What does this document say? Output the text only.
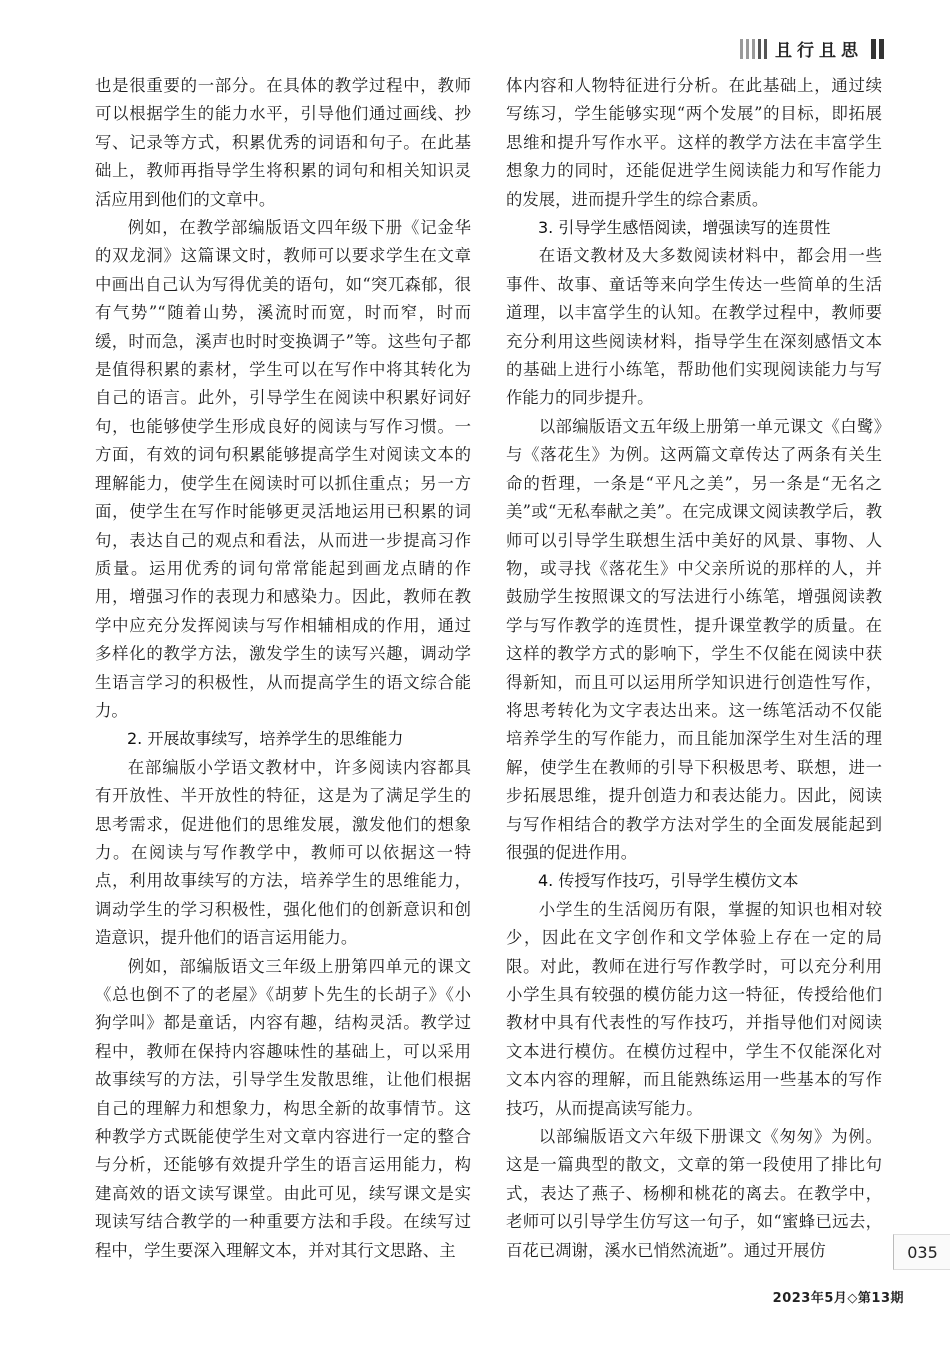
且行且思

也是很重要的一部分。在具体的教学过程中，教师可以根据学生的能力水平，引导他们通过画线、抄写、记录等方式，积累优秀的词语和句子。在此基础上，教师再指导学生将积累的词句和相关知识灵活应用到他们的文章中。

例如，在教学部编版语文四年级下册《记金华的双龙洞》这篇课文时，教师可以要求学生在文章中画出自己认为写得优美的语句，如“突兀森郁，很有气势”“随着山势，溪流时而宽，时而窄，时而缓，时而急，溪声也时时变换调子”等。这些句子都是值得积累的素材，学生可以在写作中将其转化为自己的语言。此外，引导学生在阅读中积累好词好句，也能够使学生形成良好的阅读与写作习惯。一方面，有效的词句积累能够提高学生对阅读文本的理解能力，使学生在阅读时可以抓住重点；另一方面，使学生在写作时能够更灵活地运用已积累的词句，表达自己的观点和看法，从而进一步提高习作质量。运用优秀的词句常常能起到画龙点睛的作用，增强习作的表现力和感染力。因此，教师在教学中应充分发挥阅读与写作相辅相成的作用，通过多样化的教学方法，激发学生的读写兴趣，调动学生语言学习的积极性，从而提高学生的语文综合能力。

2. 开展故事续写，培养学生的思维能力

在部编版小学语文教材中，许多阅读内容都具有开放性、半开放性的特征，这是为了满足学生的思考需求，促进他们的思维发展，激发他们的想象力。在阅读与写作教学中，教师可以依据这一特点，利用故事续写的方法，培养学生的思维能力，调动学生的学习积极性，强化他们的创新意识和创造意识，提升他们的语言运用能力。

例如，部编版语文三年级上册第四单元的课文《总也倒不了的老屋》《胡萝卜先生的长胡子》《小狗学叫》都是童话，内容有趣，结构灵活。教学过程中，教师在保持内容趣味性的基础上，可以采用故事续写的方法，引导学生发散思维，让他们根据自己的理解力和想象力，构思全新的故事情节。这种教学方式既能使学生对文章内容进行一定的整合与分析，还能够有效提升学生的语言运用能力，构建高效的语文读写课堂。由此可见，续写课文是实现读写结合教学的一种重要方法和手段。在续写过程中，学生要深入理解文本，并对其行文思路、主

体内容和人物特征进行分析。在此基础上，通过续写练习，学生能够实现“两个发展”的目标，即拓展思维和提升写作水平。这样的教学方法在丰富学生想象力的同时，还能促进学生阅读能力和写作能力的发展，进而提升学生的综合素质。

3. 引导学生感悟阅读，增强读写的连贯性

在语文教材及大多数阅读材料中，都会用一些事件、故事、童话等来向学生传达一些简单的生活道理，以丰富学生的认知。在教学过程中，教师要充分利用这些阅读材料，指导学生在深刻感悟文本的基础上进行小练笔，帮助他们实现阅读能力与写作能力的同步提升。

以部编版语文五年级上册第一单元课文《白鹭》与《落花生》为例。这两篇文章传达了两条有关生命的哲理，一条是“平凡之美”，另一条是“无名之美”或“无私奉献之美”。在完成课文阅读教学后，教师可以引导学生联想生活中美好的风景、事物、人物，或寻找《落花生》中父亲所说的那样的人，并鼓励学生按照课文的写法进行小练笔，增强阅读教学与写作教学的连贯性，提升课堂教学的质量。在这样的教学方式的影响下，学生不仅能在阅读中获得新知，而且可以运用所学知识进行创造性写作，将思考转化为文字表达出来。这一练笔活动不仅能培养学生的写作能力，而且能加深学生对生活的理解，使学生在教师的引导下积极思考、联想，进一步拓展思维，提升创造力和表达能力。因此，阅读与写作相结合的教学方法对学生的全面发展能起到很强的促进作用。

4. 传授写作技巧，引导学生模仿文本

小学生的生活阅历有限，掌握的知识也相对较少，因此在文字创作和文学体验上存在一定的局限。对此，教师在进行写作教学时，可以充分利用小学生具有较强的模仿能力这一特征，传授给他们教材中具有代表性的写作技巧，并指导他们对阅读文本进行模仿。在模仿过程中，学生不仅能深化对文本内容的理解，而且能熟练运用一些基本的写作技巧，从而提高读写能力。

以部编版语文六年级下册课文《匆匆》为例。这是一篇典型的散文，文章的第一段使用了排比句式，表达了燕子、杨柳和桃花的离去。在教学中，老师可以引导学生仿写这一句子，如“蜜蜂已远去，百花已凋谢，溪水已悄然流逝”。通过开展仿	035
2023年5月◇第13期
